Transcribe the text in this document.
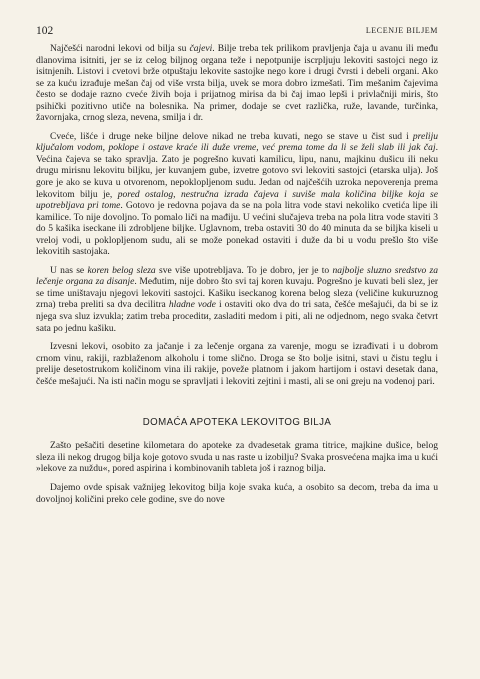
102	LECENJE BILJEM

Najčešći narodni lekovi od bilja su čajevi. Bilje treba tek prilikom pravljenja čaja u avanu ili među dlanovima isitniti, jer se iz celog biljnog organa teže i nepotpunije iscrpljuju lekoviti sastojci nego iz isitnjenih. Listovi i cvetovi brže otpuštaju lekovite sastojke nego kore i drugi čvrsti i debeli organi. Ako se za kuću izrađuje mešan čaj od više vrsta bilja, uvek se mora dobro izmešati. Tim mešanim čajevima često se dodaje razno cveće živih boja i prijatnog mirisa da bi čaj imao lepši i privlačniji miris, što psihički pozitivno utiče na bolesnika. Na primer, dodaje se cvet različka, ruže, lavande, turčinka, žavornjaka, crnog sleza, nevena, smilja i dr.

Cveće, lišće i druge neke biljne delove nikad ne treba kuvati, nego se stave u čist sud i preliju ključalom vodom, poklope i ostave kraće ili duže vreme, već prema tome da li se želi slab ili jak čaj. Većina čajeva se tako spravlja. Zato je pogrešno kuvati kamilicu, lipu, nanu, majkinu dušicu ili neku drugu mirisnu lekovitu biljku, jer kuvanjem gube, izvetre gotovo svi lekoviti sastojci (etarska ulja). Još gore je ako se kuva u otvorenom, nepoklopljenom sudu. Jedan od najčešćih uzroka nepoverenja prema lekovitom bilju je, pored ostalog, nestručna izrada čajeva i suviše mala količina biljke koja se upotrebljava pri tome. Gotovo je redovna pojava da se na pola litra vode stavi nekoliko cvetića lipe ili kamilice. To nije dovoljno. To pomalo liči na mađiju. U većini slučajeva treba na pola litra vode staviti 3 do 5 kašika iseckane ili zdrobljene biljke. Uglavnom, treba ostaviti 30 do 40 minuta da se biljka kiseli u vreloj vodi, u poklopljenom sudu, ali se može ponekad ostaviti i duže da bi u vodu prešlo što više lekovitih sastojaka.

U nas se koren belog sleza sve više upotrebljava. To je dobro, jer je to najbolje sluzno sredstvo za lečenje organa za disanje. Međutim, nije dobro što svi taj koren kuvaju. Pogrešno je kuvati beli slez, jer se time uništavaju njegovi lekoviti sastojci. Kašiku iseckanog korena belog sleza (veličine kukuruznog zrna) treba preliti sa dva decilitra hladne vode i ostaviti oko dva do tri sata, češće mešajući, da bi se iz njega sva sluz izvukla; zatim treba proceditи, zasladiti medom i piti, ali ne odjednom, nego svaka četvrt sata po jednu kašiku.

Izvesni lekovi, osobito za jačanje i za lečenje organa za varenje, mogu se izrađivati i u dobrom crnom vinu, rakiji, razblaženom alkoholu i tome slično. Droga se što bolje isitni, stavi u čistu teglu i prelije desetostrukom količinom vina ili rakije, poveže platnom i jakom hartijom i ostavi desetak dana, češće mešajući. Na isti način mogu se spravljati i lekoviti zejtini i masti, ali se oni greju na vodenoj pari.

DOMAĆA APOTEKA LEKOVITOG BILJA

Zašto pešačiti desetine kilometara do apoteke za dvadesetak grama titrice, majkine dušice, belog sleza ili nekog drugog bilja koje gotovo svuda u nas raste u izobilju? Svaka prosvećena majka ima u kući »lekove za nuždu«, pored aspirina i kombinovanih tableta još i raznog bilja.

Dajemo ovde spisak važnijeg lekovitog bilja koje svaka kuća, a osobito sa decom, treba da ima u dovoljnoj količini preko cele godine, sve do nove
